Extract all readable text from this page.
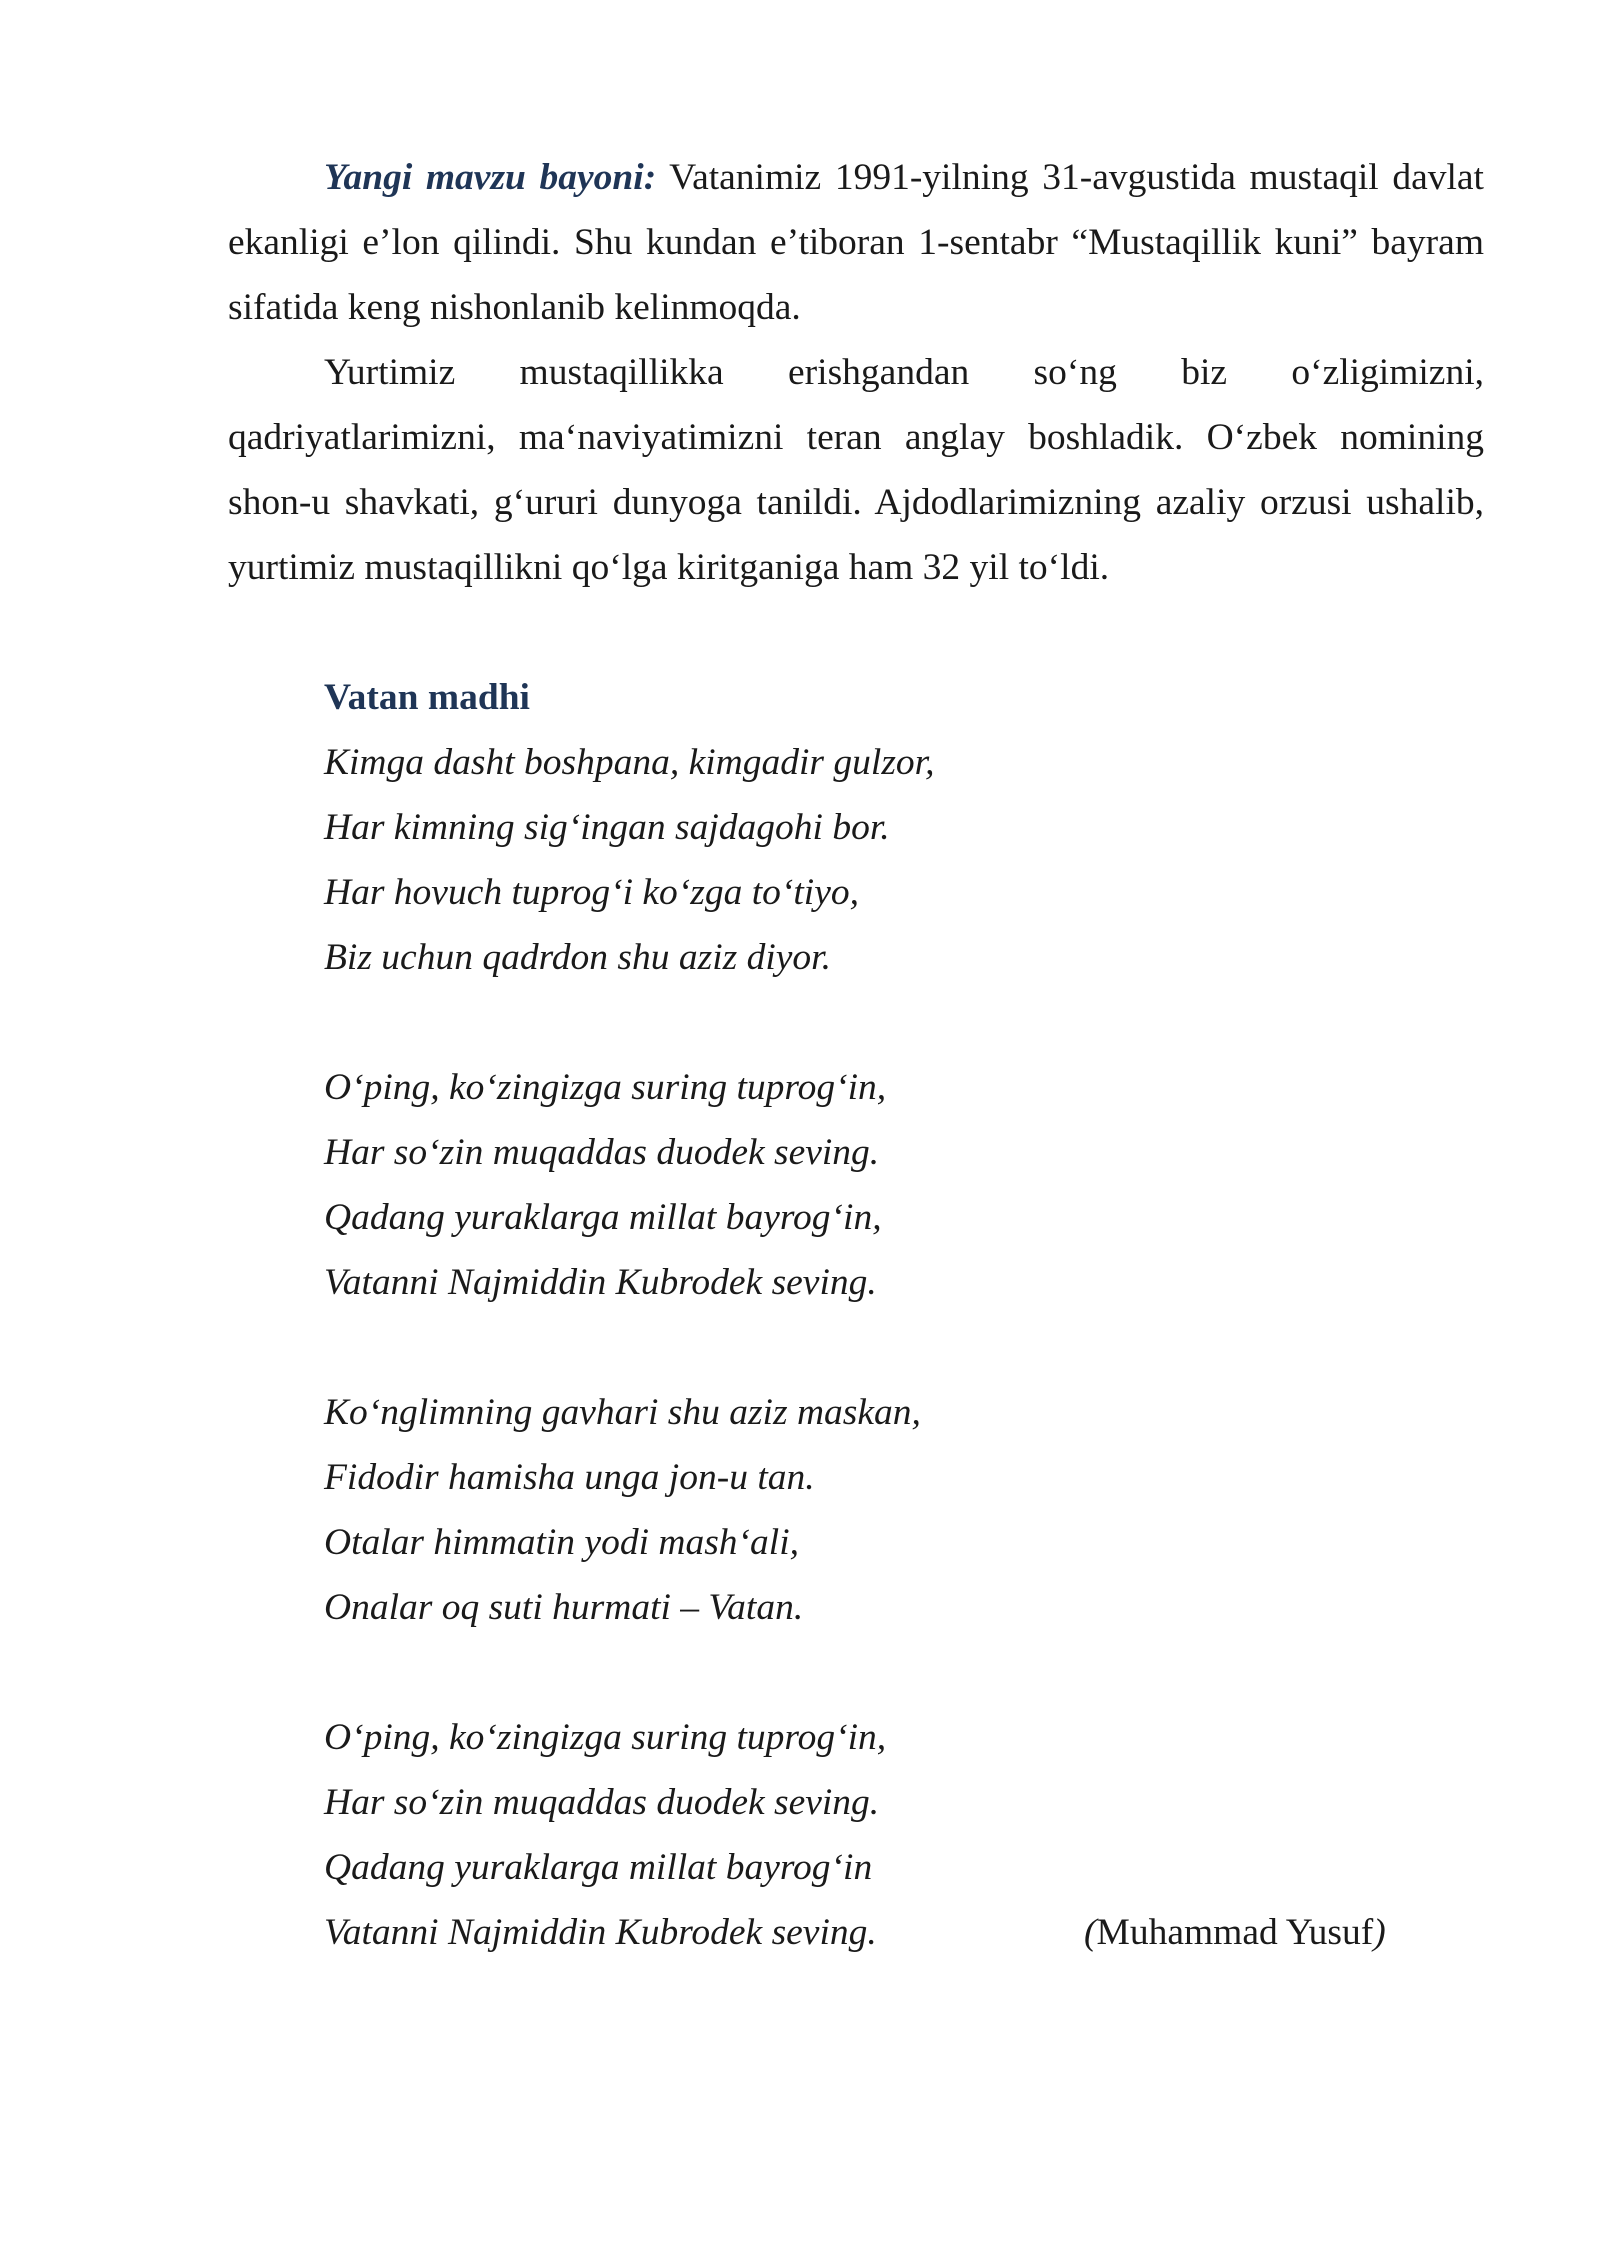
Yangi mavzu bayoni: Vatanimiz 1991-yilning 31-avgustida mustaqil davlat ekanligi e’lon qilindi. Shu kundan e’tiboran 1-sentabr “Mustaqillik kuni” bayram sifatida keng nishonlanib kelinmoqda.

Yurtimiz mustaqillikka erishgandan so‘ng biz o‘zligimizni, qadriyatlarimizni, ma‘naviyatimizni teran anglay boshladik. O‘zbek nomining shon-u shavkati, g‘ururi dunyoga tanildi. Ajdodlarimizning azaliy orzusi ushalib, yurtimiz mustaqillikni qo‘lga kiritganiga ham 32 yil to‘ldi.

Vatan madhi

Kimga dasht boshpana, kimgadir gulzor,
Har kimning sig‘ingan sajdagohi bor.
Har hovuch tuprog‘i ko‘zga to‘tiyo,
Biz uchun qadrdon shu aziz diyor.
O‘ping, ko‘zingizga suring tuprog‘in,
Har so‘zin muqaddas duodek seving.
Qadang yuraklarga millat bayrog‘in,
Vatanni Najmiddin Kubrodek seving.
Ko‘nglimning gavhari shu aziz maskan,
Fidodir hamisha unga jon-u tan.
Otalar himmatin yodi mash‘ali,
Onalar oq suti hurmati – Vatan.
O‘ping, ko‘zingizga suring tuprog‘in,
Har so‘zin muqaddas duodek seving.
Qadang yuraklarga millat bayrog‘in
Vatanni Najmiddin Kubrodek seving.	(Muhammad Yusuf)
